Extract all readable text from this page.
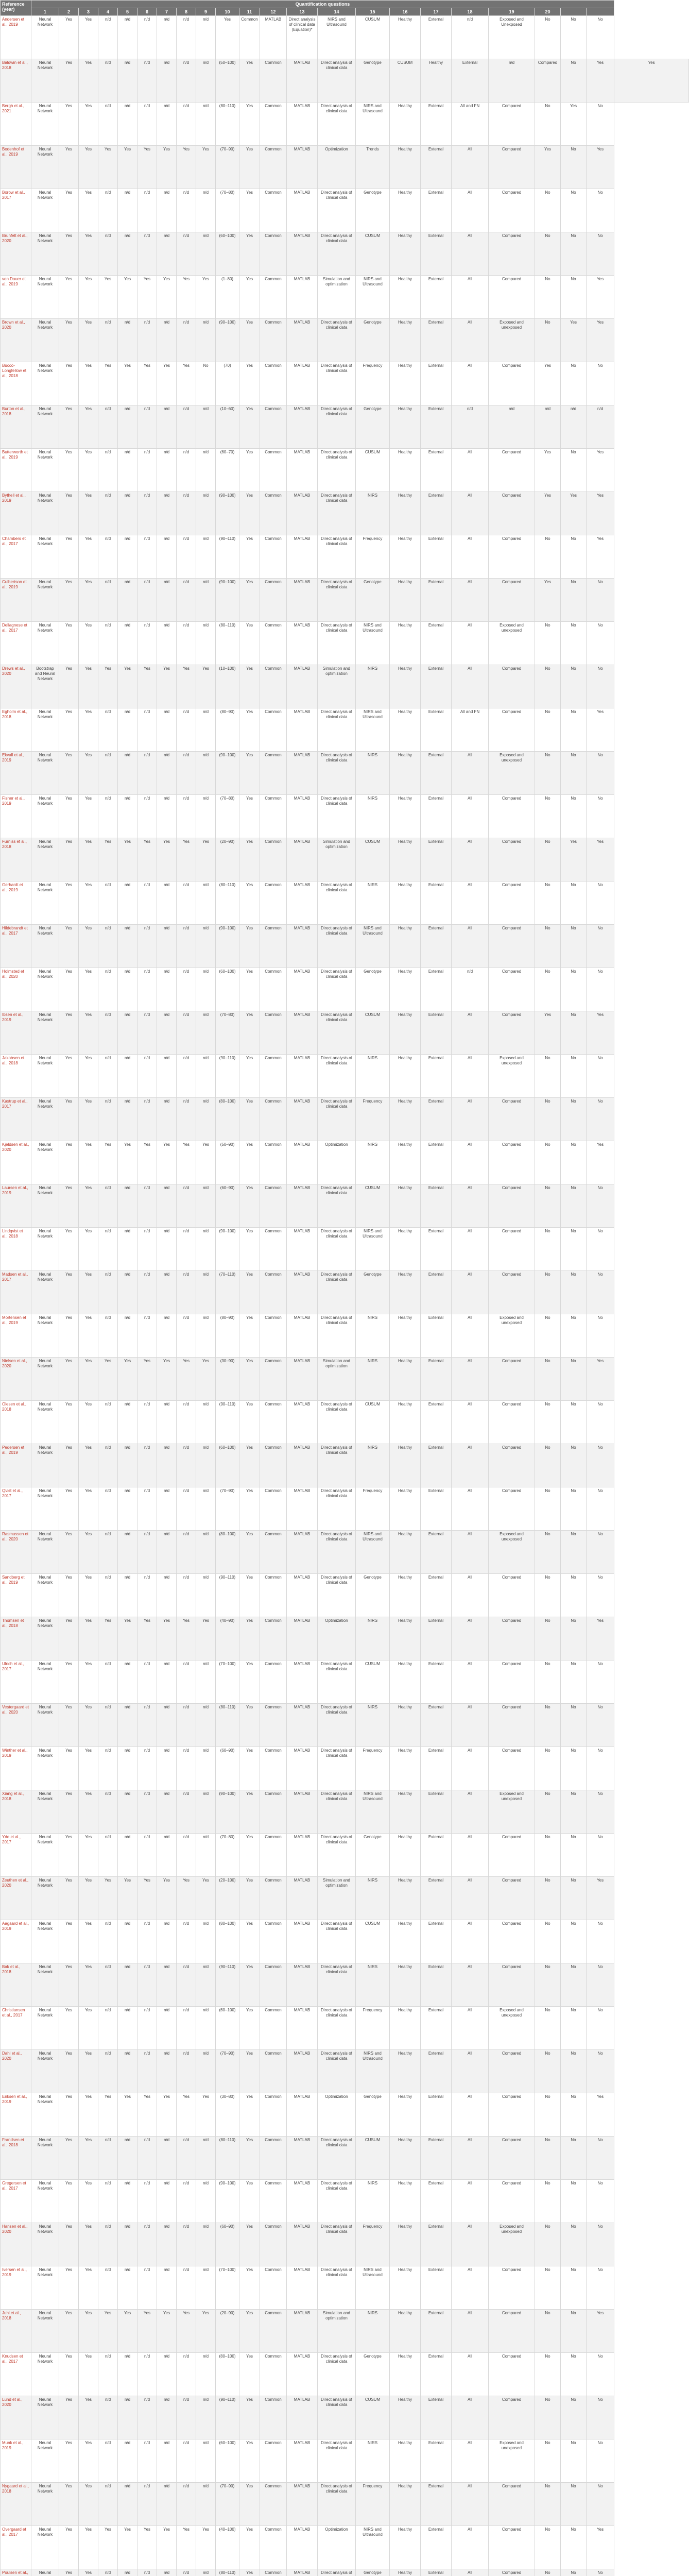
Reference (year)	Quantification questions																						
	1	2	3	4	5	6	7	8	9	10	11	12	13	14	15	16	17	18	19	20			
Andersen et al., 2019	Neural Network	Yes	Yes	n/d	n/d	n/d	n/d	n/d	n/d	Yes	Common	MATLAB	Direct analysis of clinical data (Equation)*	NIRS and Ultrasound	CUSUM	Healthy	External	n/d	Exposed and Unexposed	No	No	No	
Baldwin et al., 2018	Neural Network	Yes	Yes	n/d	n/d	n/d	n/d	n/d	n/d	(50–100)	Yes	Common	MATLAB	Direct analysis of clinical data	Genotype	CUSUM	Healthy	External	n/d	Compared	No	Yes	Yes
Bergh et al., 2021	Neural Network	Yes	Yes	n/d	n/d	n/d	n/d	n/d	n/d	(80–110)	Yes	Common	MATLAB	Direct analysis of clinical data	NIRS and Ultrasound	Healthy	External	All and FN	Compared	No	Yes	No	
Bodenhof et al., 2019	Neural Network	Yes	Yes	Yes	Yes	Yes	Yes	Yes	Yes	(70–90)	Yes	Common	MATLAB	Optimization	Trends	Healthy	External	All	Compared	Yes	No	Yes	
Borow et al., 2017	Neural Network	Yes	Yes	n/d	n/d	n/d	n/d	n/d	n/d	(70–80)	Yes	Common	MATLAB	Direct analysis of clinical data	Genotype	Healthy	External	All	Compared	No	No	No	
Brunfelt et al., 2020	Neural Network	Yes	Yes	n/d	n/d	n/d	n/d	n/d	n/d	(60–100)	Yes	Common	MATLAB	Direct analysis of clinical data	CUSUM	Healthy	External	All	Compared	No	No	No	
von Dauer et al., 2019	Neural Network	Yes	Yes	Yes	Yes	Yes	Yes	Yes	Yes	(1–80)	Yes	Common	MATLAB	Simulation and optimization	NIRS and Ultrasound	Healthy	External	All	Compared	No	No	Yes	
Brown et al., 2020	Neural Network	Yes	Yes	n/d	n/d	n/d	n/d	n/d	n/d	(90–100)	Yes	Common	MATLAB	Direct analysis of clinical data	Genotype	Healthy	External	All	Exposed and unexposed	No	Yes	Yes	
Bucco-Longfellow et al., 2018	Neural Network	Yes	Yes	Yes	Yes	Yes	Yes	Yes	No	(70)	Yes	Common	MATLAB	Direct analysis of clinical data	Frequency	Healthy	External	All	Compared	Yes	No	No	
Burton et al., 2018	Neural Network	Yes	Yes	n/d	n/d	n/d	n/d	n/d	n/d	(10–60)	Yes	Common	MATLAB	Direct analysis of clinical data	Genotype	Healthy	External	n/d	n/d	n/d	n/d	n/d	
Butterworth et al., 2019	Neural Network	Yes	Yes	n/d	n/d	n/d	n/d	n/d	n/d	(60–70)	Yes	Common	MATLAB	Direct analysis of clinical data	CUSUM	Healthy	External	All	Compared	Yes	No	Yes	
Bythell et al., 2019	Neural Network	Yes	Yes	n/d	n/d	n/d	n/d	n/d	n/d	(90–100)	Yes	Common	MATLAB	Direct analysis of clinical data	NIRS	Healthy	External	All	Compared	Yes	Yes	Yes	
Chambers et al., 2017	Neural Network	Yes	Yes	n/d	n/d	n/d	n/d	n/d	n/d	(90–110)	Yes	Common	MATLAB	Direct analysis of clinical data	Frequency	Healthy	External	All	Compared	No	No	Yes	
Culbertson et al., 2019	Neural Network	Yes	Yes	n/d	n/d	n/d	n/d	n/d	n/d	(90–100)	Yes	Common	MATLAB	Direct analysis of clinical data	Genotype	Healthy	External	All	Compared	Yes	No	No	
Dellagnese et al., 2017	Neural Network	Yes	Yes	n/d	n/d	n/d	n/d	n/d	n/d	(80–110)	Yes	Common	MATLAB	Direct analysis of clinical data	NIRS and Ultrasound	Healthy	External	All	Exposed and unexposed	No	No	No	
Drews et al., 2020	Bootstrap and Neural Network	Yes	Yes	Yes	Yes	Yes	Yes	Yes	Yes	(10–100)	Yes	Common	MATLAB	Simulation and optimization	NIRS	Healthy	External	All	Compared	No	No	No	
Egholm et al., 2018	Neural Network	Yes	Yes	n/d	n/d	n/d	n/d	n/d	n/d	(80–90)	Yes	Common	MATLAB	Direct analysis of clinical data	NIRS and Ultrasound	Healthy	External	All and FN	Compared	No	No	Yes	
Ekvall et al., 2019	Neural Network	Yes	Yes	n/d	n/d	n/d	n/d	n/d	n/d	(90–100)	Yes	Common	MATLAB	Direct analysis of clinical data	NIRS	Healthy	External	All	Exposed and unexposed	No	No	No	
Fisher et al., 2019	Neural Network	Yes	Yes	n/d	n/d	n/d	n/d	n/d	n/d	(70–80)	Yes	Common	MATLAB	Direct analysis of clinical data	NIRS	Healthy	External	All	Compared	No	No	No	
Furniss et al., 2018	Neural Network	Yes	Yes	Yes	Yes	Yes	Yes	Yes	Yes	(20–90)	Yes	Common	MATLAB	Simulation and optimization	CUSUM	Healthy	External	All	Compared	No	Yes	Yes	
Gerhardt et al., 2019	Neural Network	Yes	Yes	n/d	n/d	n/d	n/d	n/d	n/d	(80–110)	Yes	Common	MATLAB	Direct analysis of clinical data	NIRS	Healthy	External	All	Compared	No	No	No	
Hildebrandt et al., 2017	Neural Network	Yes	Yes	n/d	n/d	n/d	n/d	n/d	n/d	(90–100)	Yes	Common	MATLAB	Direct analysis of clinical data	NIRS and Ultrasound	Healthy	External	All	Compared	No	No	No	
Holmsted et al., 2020	Neural Network	Yes	Yes	n/d	n/d	n/d	n/d	n/d	n/d	(60–100)	Yes	Common	MATLAB	Direct analysis of clinical data	Genotype	Healthy	External	n/d	Compared	No	No	No	
Ibsen et al., 2019	Neural Network	Yes	Yes	n/d	n/d	n/d	n/d	n/d	n/d	(70–80)	Yes	Common	MATLAB	Direct analysis of clinical data	CUSUM	Healthy	External	All	Compared	Yes	No	Yes	
Jakobsen et al., 2018	Neural Network	Yes	Yes	n/d	n/d	n/d	n/d	n/d	n/d	(90–110)	Yes	Common	MATLAB	Direct analysis of clinical data	NIRS	Healthy	External	All	Exposed and unexposed	No	No	No	
Kastrup et al., 2017	Neural Network	Yes	Yes	n/d	n/d	n/d	n/d	n/d	n/d	(80–100)	Yes	Common	MATLAB	Direct analysis of clinical data	Frequency	Healthy	External	All	Compared	No	No	No	
Kjeldsen et al., 2020	Neural Network	Yes	Yes	Yes	Yes	Yes	Yes	Yes	Yes	(50–90)	Yes	Common	MATLAB	Optimization	NIRS	Healthy	External	All	Compared	No	No	Yes	
Laursen et al., 2019	Neural Network	Yes	Yes	n/d	n/d	n/d	n/d	n/d	n/d	(60–90)	Yes	Common	MATLAB	Direct analysis of clinical data	CUSUM	Healthy	External	All	Compared	No	No	No	
Lindqvist et al., 2018	Neural Network	Yes	Yes	n/d	n/d	n/d	n/d	n/d	n/d	(90–100)	Yes	Common	MATLAB	Direct analysis of clinical data	NIRS and Ultrasound	Healthy	External	All	Compared	No	No	No	
Madsen et al., 2017	Neural Network	Yes	Yes	n/d	n/d	n/d	n/d	n/d	n/d	(70–110)	Yes	Common	MATLAB	Direct analysis of clinical data	Genotype	Healthy	External	All	Compared	No	No	No	
Mortensen et al., 2019	Neural Network	Yes	Yes	n/d	n/d	n/d	n/d	n/d	n/d	(80–90)	Yes	Common	MATLAB	Direct analysis of clinical data	NIRS	Healthy	External	All	Exposed and unexposed	No	No	No	
Nielsen et al., 2020	Neural Network	Yes	Yes	Yes	Yes	Yes	Yes	Yes	Yes	(30–90)	Yes	Common	MATLAB	Simulation and optimization	NIRS	Healthy	External	All	Compared	No	No	Yes	
Olesen et al., 2018	Neural Network	Yes	Yes	n/d	n/d	n/d	n/d	n/d	n/d	(90–110)	Yes	Common	MATLAB	Direct analysis of clinical data	CUSUM	Healthy	External	All	Compared	No	No	No	
Pedersen et al., 2019	Neural Network	Yes	Yes	n/d	n/d	n/d	n/d	n/d	n/d	(60–100)	Yes	Common	MATLAB	Direct analysis of clinical data	NIRS	Healthy	External	All	Compared	No	No	No	
Qvist et al., 2017	Neural Network	Yes	Yes	n/d	n/d	n/d	n/d	n/d	n/d	(70–90)	Yes	Common	MATLAB	Direct analysis of clinical data	Frequency	Healthy	External	All	Compared	No	No	No	
Rasmussen et al., 2020	Neural Network	Yes	Yes	n/d	n/d	n/d	n/d	n/d	n/d	(80–100)	Yes	Common	MATLAB	Direct analysis of clinical data	NIRS and Ultrasound	Healthy	External	All	Exposed and unexposed	No	No	No	
Sandberg et al., 2019	Neural Network	Yes	Yes	n/d	n/d	n/d	n/d	n/d	n/d	(90–110)	Yes	Common	MATLAB	Direct analysis of clinical data	Genotype	Healthy	External	All	Compared	No	No	No	
Thomsen et al., 2018	Neural Network	Yes	Yes	Yes	Yes	Yes	Yes	Yes	Yes	(40–90)	Yes	Common	MATLAB	Optimization	NIRS	Healthy	External	All	Compared	No	No	Yes	
Ulrich et al., 2017	Neural Network	Yes	Yes	n/d	n/d	n/d	n/d	n/d	n/d	(70–100)	Yes	Common	MATLAB	Direct analysis of clinical data	CUSUM	Healthy	External	All	Compared	No	No	No	
Vestergaard et al., 2020	Neural Network	Yes	Yes	n/d	n/d	n/d	n/d	n/d	n/d	(80–110)	Yes	Common	MATLAB	Direct analysis of clinical data	NIRS	Healthy	External	All	Compared	No	No	No	
Winther et al., 2019	Neural Network	Yes	Yes	n/d	n/d	n/d	n/d	n/d	n/d	(60–90)	Yes	Common	MATLAB	Direct analysis of clinical data	Frequency	Healthy	External	All	Compared	No	No	No	
Xiang et al., 2018	Neural Network	Yes	Yes	n/d	n/d	n/d	n/d	n/d	n/d	(90–100)	Yes	Common	MATLAB	Direct analysis of clinical data	NIRS and Ultrasound	Healthy	External	All	Exposed and unexposed	No	No	No	
Yde et al., 2017	Neural Network	Yes	Yes	n/d	n/d	n/d	n/d	n/d	n/d	(70–80)	Yes	Common	MATLAB	Direct analysis of clinical data	Genotype	Healthy	External	All	Compared	No	No	No	
Zeuthen et al., 2020	Neural Network	Yes	Yes	Yes	Yes	Yes	Yes	Yes	Yes	(20–100)	Yes	Common	MATLAB	Simulation and optimization	NIRS	Healthy	External	All	Compared	No	No	Yes	
Aagaard et al., 2019	Neural Network	Yes	Yes	n/d	n/d	n/d	n/d	n/d	n/d	(80–100)	Yes	Common	MATLAB	Direct analysis of clinical data	CUSUM	Healthy	External	All	Compared	No	No	No	
Bak et al., 2018	Neural Network	Yes	Yes	n/d	n/d	n/d	n/d	n/d	n/d	(90–110)	Yes	Common	MATLAB	Direct analysis of clinical data	NIRS	Healthy	External	All	Compared	No	No	No	
Christiansen et al., 2017	Neural Network	Yes	Yes	n/d	n/d	n/d	n/d	n/d	n/d	(60–100)	Yes	Common	MATLAB	Direct analysis of clinical data	Frequency	Healthy	External	All	Exposed and unexposed	No	No	No	
Dahl et al., 2020	Neural Network	Yes	Yes	n/d	n/d	n/d	n/d	n/d	n/d	(70–90)	Yes	Common	MATLAB	Direct analysis of clinical data	NIRS and Ultrasound	Healthy	External	All	Compared	No	No	No	
Eriksen et al., 2019	Neural Network	Yes	Yes	Yes	Yes	Yes	Yes	Yes	Yes	(30–80)	Yes	Common	MATLAB	Optimization	Genotype	Healthy	External	All	Compared	No	No	Yes	
Frandsen et al., 2018	Neural Network	Yes	Yes	n/d	n/d	n/d	n/d	n/d	n/d	(80–110)	Yes	Common	MATLAB	Direct analysis of clinical data	CUSUM	Healthy	External	All	Compared	No	No	No	
Gregersen et al., 2017	Neural Network	Yes	Yes	n/d	n/d	n/d	n/d	n/d	n/d	(90–100)	Yes	Common	MATLAB	Direct analysis of clinical data	NIRS	Healthy	External	All	Compared	No	No	No	
Hansen et al., 2020	Neural Network	Yes	Yes	n/d	n/d	n/d	n/d	n/d	n/d	(60–90)	Yes	Common	MATLAB	Direct analysis of clinical data	Frequency	Healthy	External	All	Exposed and unexposed	No	No	No	
Iversen et al., 2019	Neural Network	Yes	Yes	n/d	n/d	n/d	n/d	n/d	n/d	(70–100)	Yes	Common	MATLAB	Direct analysis of clinical data	NIRS and Ultrasound	Healthy	External	All	Compared	No	No	No	
Juhl et al., 2018	Neural Network	Yes	Yes	Yes	Yes	Yes	Yes	Yes	Yes	(20–90)	Yes	Common	MATLAB	Simulation and optimization	NIRS	Healthy	External	All	Compared	No	No	Yes	
Knudsen et al., 2017	Neural Network	Yes	Yes	n/d	n/d	n/d	n/d	n/d	n/d	(80–100)	Yes	Common	MATLAB	Direct analysis of clinical data	Genotype	Healthy	External	All	Compared	No	No	No	
Lund et al., 2020	Neural Network	Yes	Yes	n/d	n/d	n/d	n/d	n/d	n/d	(90–110)	Yes	Common	MATLAB	Direct analysis of clinical data	CUSUM	Healthy	External	All	Compared	No	No	No	
Munk et al., 2019	Neural Network	Yes	Yes	n/d	n/d	n/d	n/d	n/d	n/d	(60–100)	Yes	Common	MATLAB	Direct analysis of clinical data	NIRS	Healthy	External	All	Exposed and unexposed	No	No	No	
Nygaard et al., 2018	Neural Network	Yes	Yes	n/d	n/d	n/d	n/d	n/d	n/d	(70–90)	Yes	Common	MATLAB	Direct analysis of clinical data	Frequency	Healthy	External	All	Compared	No	No	No	
Overgaard et al., 2017	Neural Network	Yes	Yes	Yes	Yes	Yes	Yes	Yes	Yes	(40–100)	Yes	Common	MATLAB	Optimization	NIRS and Ultrasound	Healthy	External	All	Compared	No	No	Yes	
Poulsen et al.,	Neural	Yes	Yes	n/d	n/d	n/d	n/d	n/d	n/d	(80–110)	Yes	Common	MATLAB	Direct analysis of	Genotype	Healthy	External	All	Compared	No	No	No	
